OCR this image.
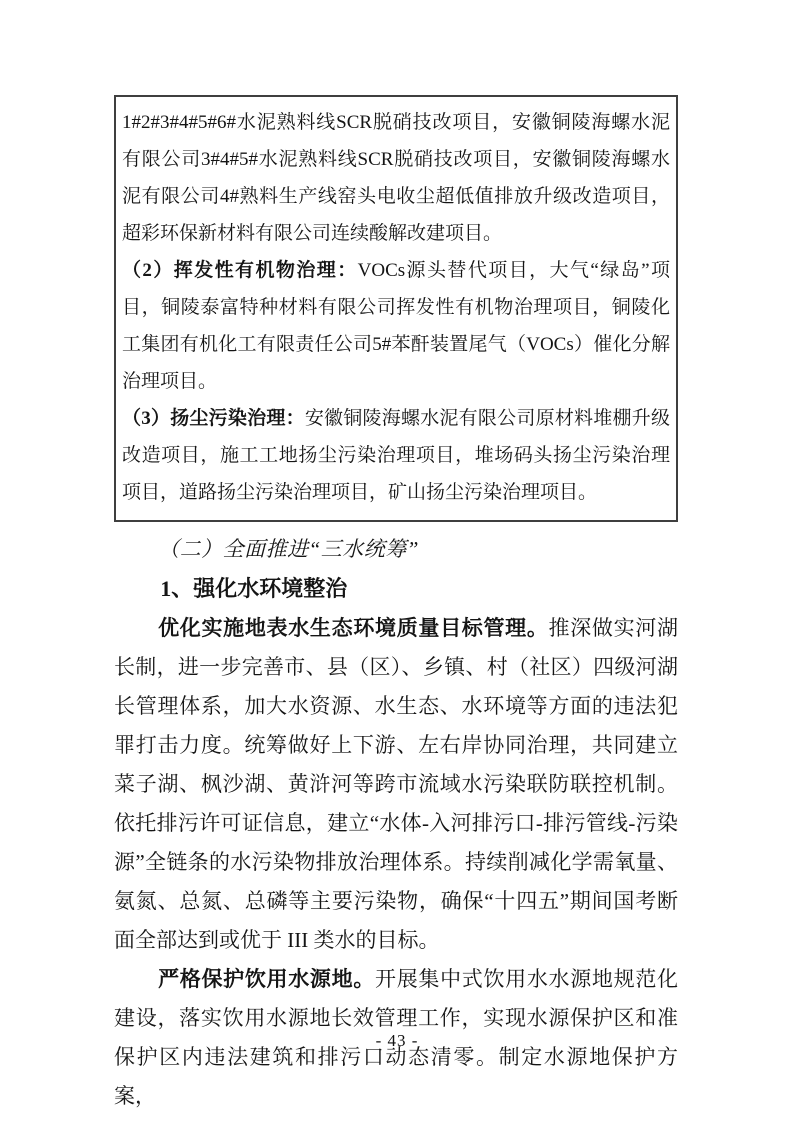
1#2#3#4#5#6#水泥熟料线SCR脱硝技改项目，安徽铜陵海螺水泥有限公司3#4#5#水泥熟料线SCR脱硝技改项目，安徽铜陵海螺水泥有限公司4#熟料生产线窑头电收尘超低值排放升级改造项目，超彩环保新材料有限公司连续酸解改建项目。

（2）挥发性有机物治理：VOCs源头替代项目，大气“绿岛”项目，铜陵泰富特种材料有限公司挥发性有机物治理项目，铜陵化工集团有机化工有限责任公司5#苯酐装置尾气（VOCs）催化分解治理项目。

（3）扬尘污染治理：安徽铜陵海螺水泥有限公司原材料堆棚升级改造项目，施工工地扬尘污染治理项目，堆场码头扬尘污染治理项目，道路扬尘污染治理项目，矿山扬尘污染治理项目。

（二）全面推进“三水统筹”

1、强化水环境整治

优化实施地表水生态环境质量目标管理。推深做实河湖长制，进一步完善市、县（区）、乡镇、村（社区）四级河湖长管理体系，加大水资源、水生态、水环境等方面的违法犯罪打击力度。统筹做好上下游、左右岸协同治理，共同建立菜子湖、枫沙湖、黄浒河等跨市流域水污染联防联控机制。依托排污许可证信息，建立“水体-入河排污口-排污管线-污染源”全链条的水污染物排放治理体系。持续削减化学需氧量、氨氮、总氮、总磷等主要污染物，确保“十四五”期间国考断面全部达到或优于 III 类水的目标。

严格保护饮用水源地。开展集中式饮用水水源地规范化建设，落实饮用水源地长效管理工作，实现水源保护区和准保护区内违法建筑和排污口动态清零。制定水源地保护方案，

- 43 -
